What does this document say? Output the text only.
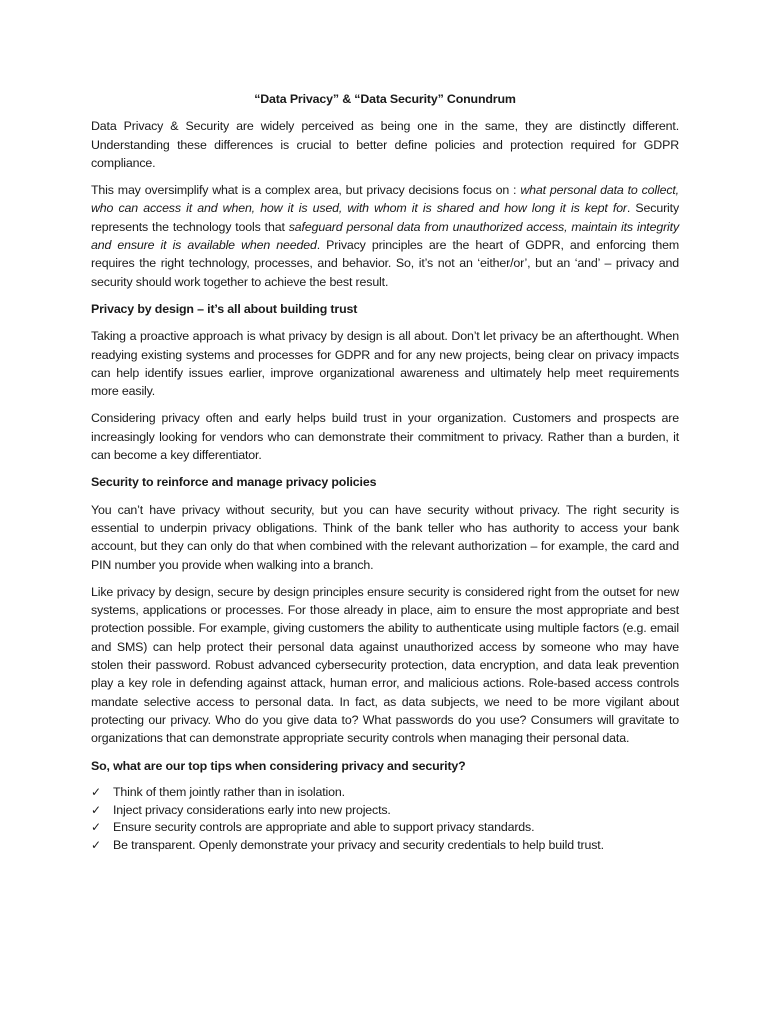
“Data Privacy” & “Data Security” Conundrum

Data Privacy & Security are widely perceived as being one in the same, they are distinctly different. Understanding these differences is crucial to better define policies and protection required for GDPR compliance.

This may oversimplify what is a complex area, but privacy decisions focus on : what personal data to collect, who can access it and when, how it is used, with whom it is shared and how long it is kept for. Security represents the technology tools that safeguard personal data from unauthorized access, maintain its integrity and ensure it is available when needed. Privacy principles are the heart of GDPR, and enforcing them requires the right technology, processes, and behavior. So, it’s not an ‘either/or’, but an ‘and’ – privacy and security should work together to achieve the best result.

Privacy by design – it’s all about building trust

Taking a proactive approach is what privacy by design is all about. Don’t let privacy be an afterthought. When readying existing systems and processes for GDPR and for any new projects, being clear on privacy impacts can help identify issues earlier, improve organizational awareness and ultimately help meet requirements more easily.

Considering privacy often and early helps build trust in your organization. Customers and prospects are increasingly looking for vendors who can demonstrate their commitment to privacy. Rather than a burden, it can become a key differentiator.

Security to reinforce and manage privacy policies

You can’t have privacy without security, but you can have security without privacy. The right security is essential to underpin privacy obligations. Think of the bank teller who has authority to access your bank account, but they can only do that when combined with the relevant authorization – for example, the card and PIN number you provide when walking into a branch.

Like privacy by design, secure by design principles ensure security is considered right from the outset for new systems, applications or processes. For those already in place, aim to ensure the most appropriate and best protection possible. For example, giving customers the ability to authenticate using multiple factors (e.g. email and SMS) can help protect their personal data against unauthorized access by someone who may have stolen their password. Robust advanced cybersecurity protection, data encryption, and data leak prevention play a key role in defending against attack, human error, and malicious actions. Role-based access controls mandate selective access to personal data. In fact, as data subjects, we need to be more vigilant about protecting our privacy. Who do you give data to? What passwords do you use? Consumers will gravitate to organizations that can demonstrate appropriate security controls when managing their personal data.

So, what are our top tips when considering privacy and security?

✓ Think of them jointly rather than in isolation.
✓ Inject privacy considerations early into new projects.
✓ Ensure security controls are appropriate and able to support privacy standards.
✓ Be transparent. Openly demonstrate your privacy and security credentials to help build trust.
